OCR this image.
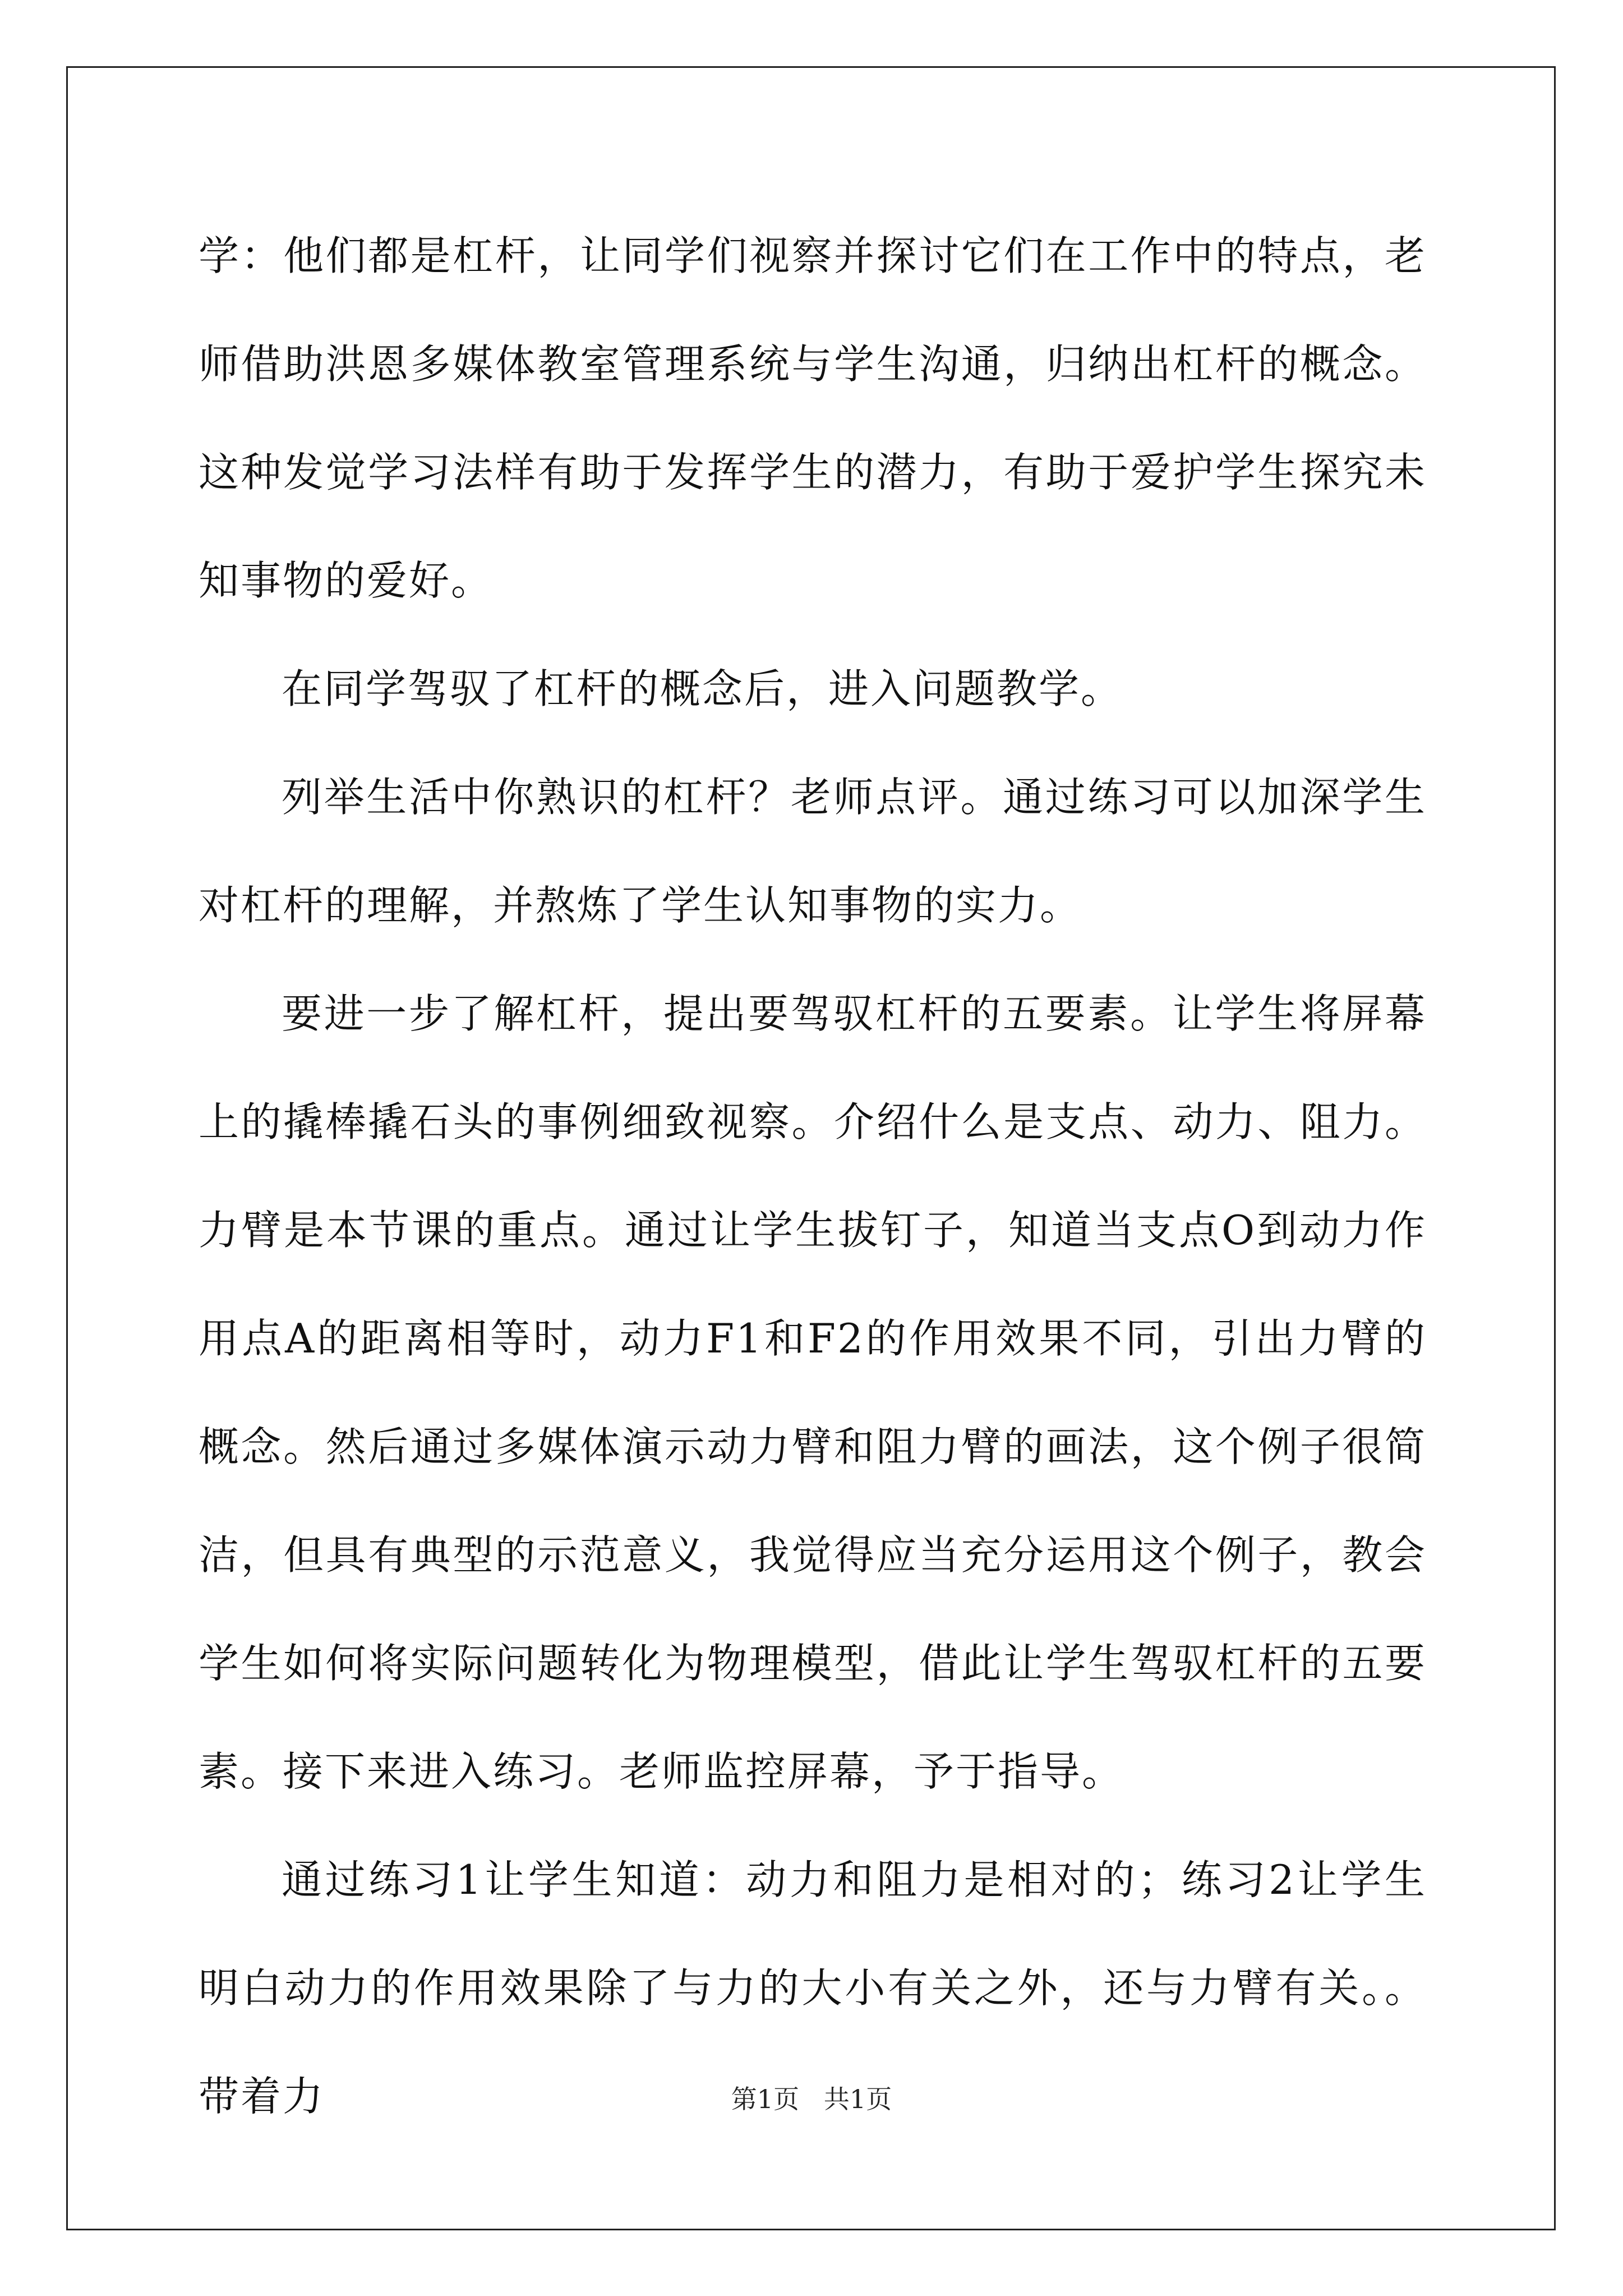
学：他们都是杠杆，让同学们视察并探讨它们在工作中的特点，老师借助洪恩多媒体教室管理系统与学生沟通，归纳出杠杆的概念。这种发觉学习法样有助于发挥学生的潜力，有助于爱护学生探究未知事物的爱好。

在同学驾驭了杠杆的概念后，进入问题教学。

列举生活中你熟识的杠杆？老师点评。通过练习可以加深学生对杠杆的理解，并熬炼了学生认知事物的实力。

要进一步了解杠杆，提出要驾驭杠杆的五要素。让学生将屏幕上的撬棒撬石头的事例细致视察。介绍什么是支点、动力、阻力。力臂是本节课的重点。通过让学生拔钉子，知道当支点O到动力作用点A的距离相等时，动力F1和F2的作用效果不同，引出力臂的概念。然后通过多媒体演示动力臂和阻力臂的画法，这个例子很简洁，但具有典型的示范意义，我觉得应当充分运用这个例子，教会学生如何将实际问题转化为物理模型，借此让学生驾驭杠杆的五要素。接下来进入练习。老师监控屏幕，予于指导。

通过练习1让学生知道：动力和阻力是相对的；练习2让学生明白动力的作用效果除了与力的大小有关之外，还与力臂有关。。带着力	第1页   共1页
